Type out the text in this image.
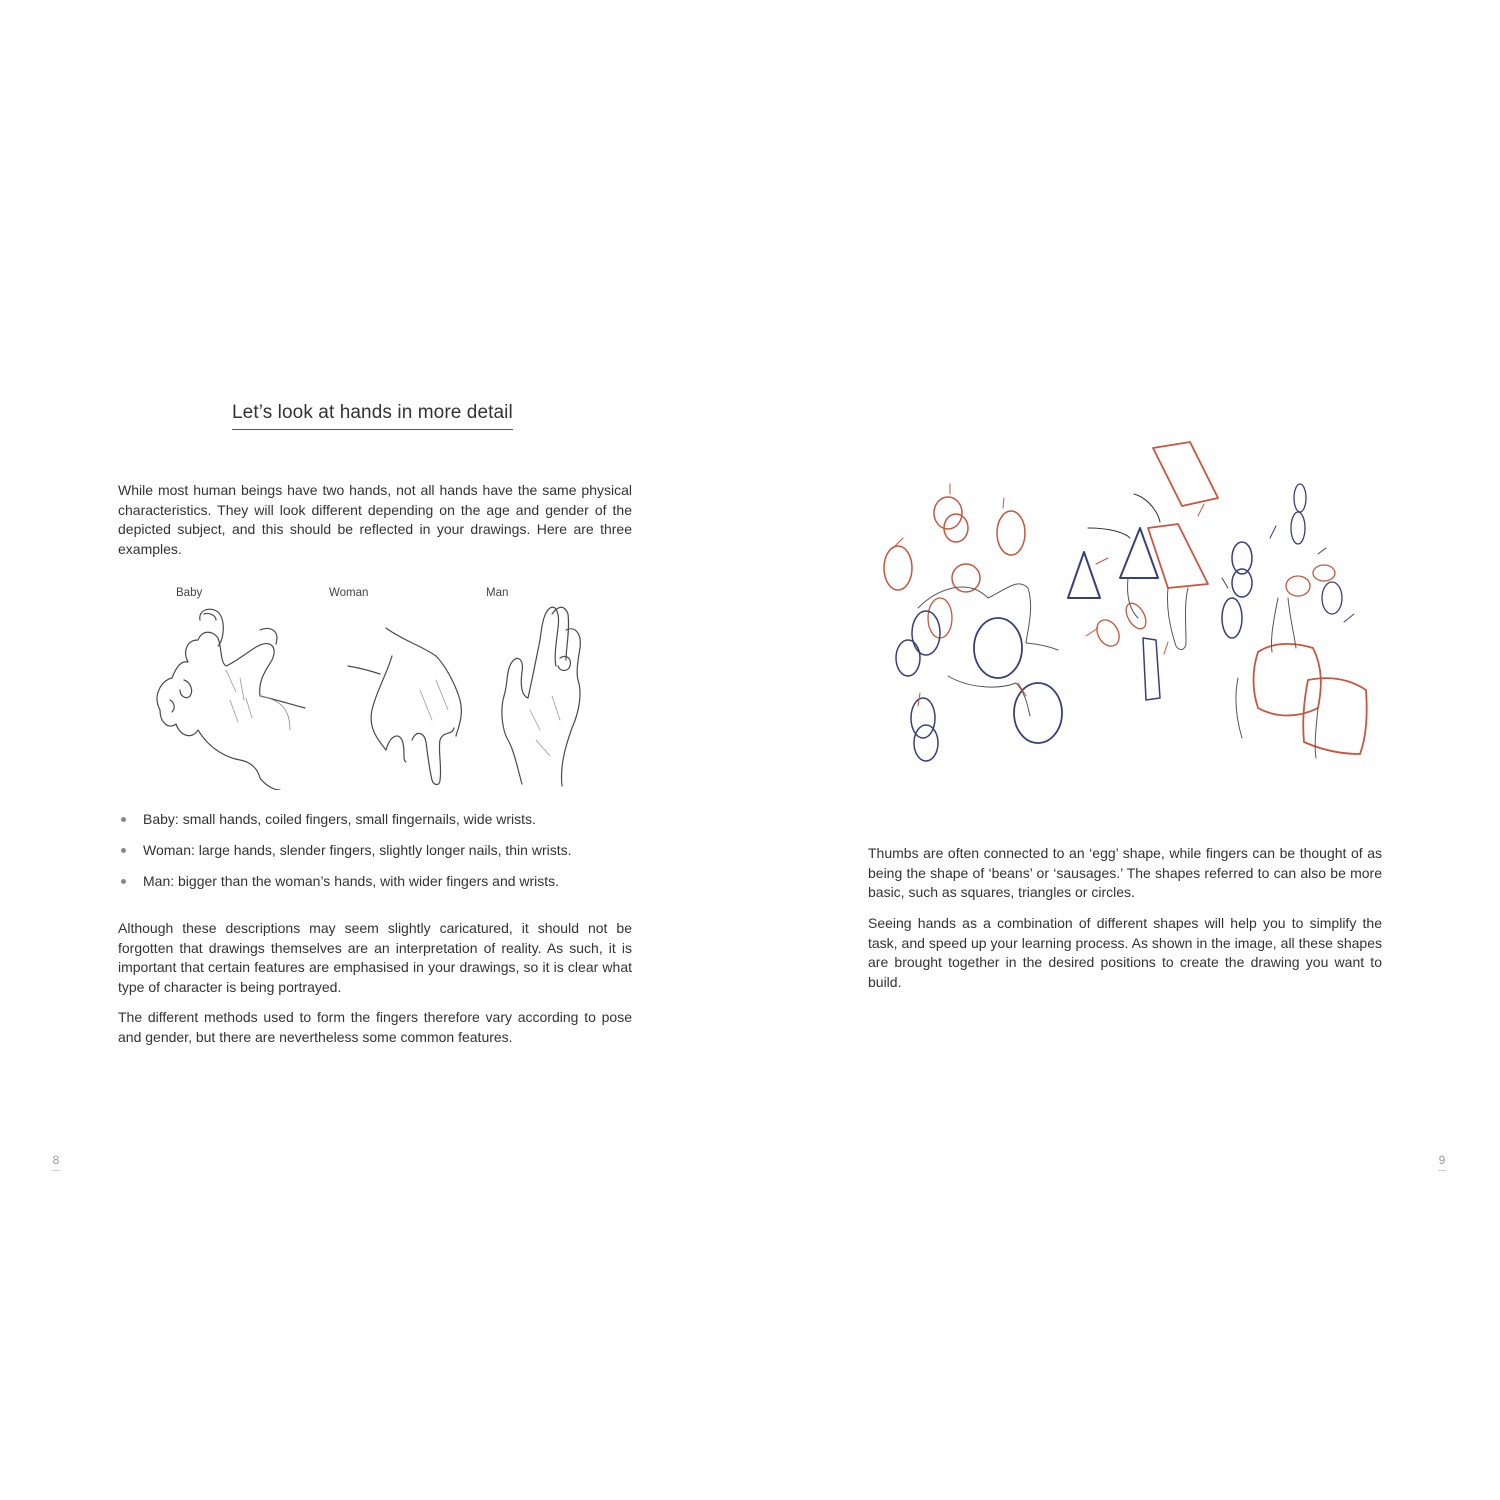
Let’s look at hands in more detail

While most human beings have two hands, not all hands have the same physical characteristics. They will look different depending on the age and gender of the depicted subject, and this should be reflected in your drawings. Here are three examples.

Baby	Woman	Man
Baby: small hands, coiled fingers, small fingernails, wide wrists.
Woman: large hands, slender fingers, slightly longer nails, thin wrists.
Man: bigger than the woman’s hands, with wider fingers and wrists.

Although these descriptions may seem slightly caricatured, it should not be forgotten that drawings themselves are an interpretation of reality. As such, it is important that certain features are emphasised in your drawings, so it is clear what type of character is being portrayed.

The different methods used to form the fingers therefore vary according to pose and gender, but there are nevertheless some common features.

8

Thumbs are often connected to an ‘egg’ shape, while fingers can be thought of as being the shape of ‘beans’ or ‘sausages.’ The shapes referred to can also be more basic, such as squares, triangles or circles.

Seeing hands as a combination of different shapes will help you to simplify the task, and speed up your learning process. As shown in the image, all these shapes are brought together in the desired positions to create the drawing you want to build.

9
